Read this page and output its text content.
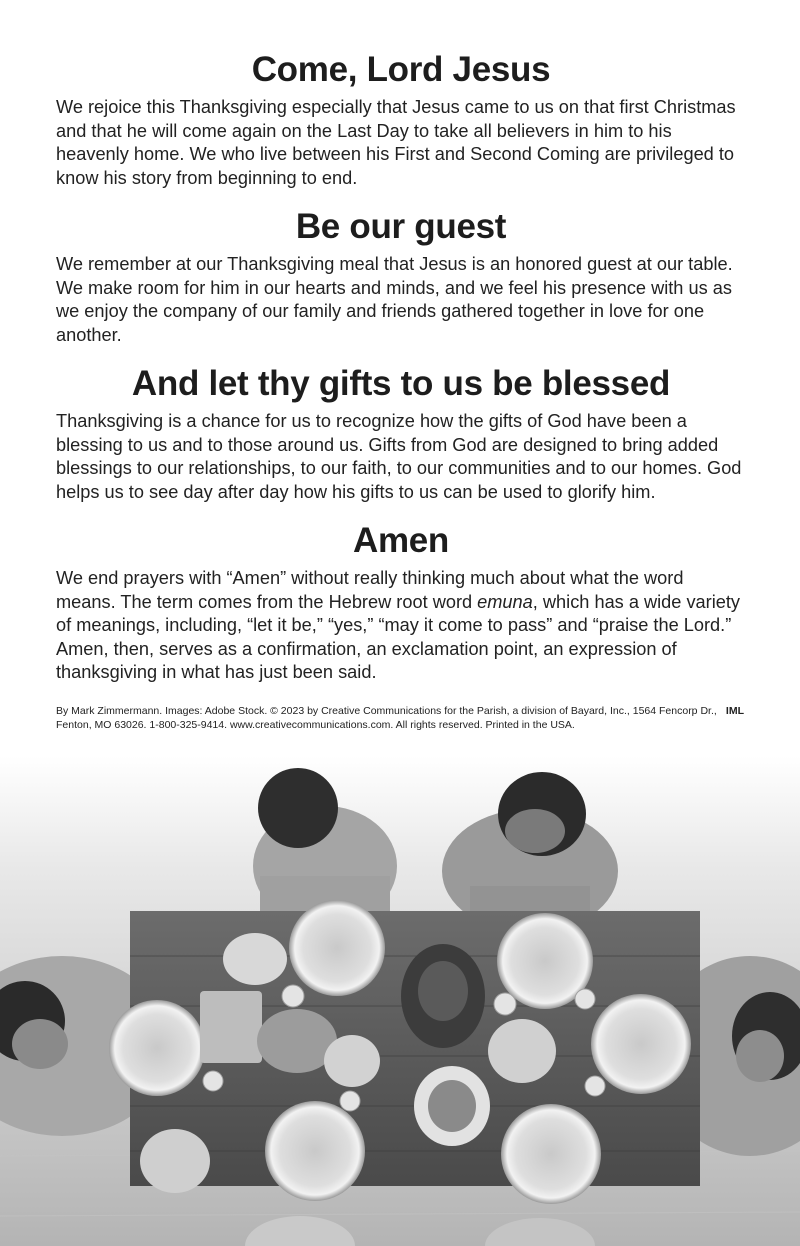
Come, Lord Jesus

We rejoice this Thanksgiving especially that Jesus came to us on that first Christmas and that he will come again on the Last Day to take all believers in him to his heavenly home. We who live between his First and Second Coming are privileged to know his story from beginning to end.

Be our guest

We remember at our Thanksgiving meal that Jesus is an honored guest at our table. We make room for him in our hearts and minds, and we feel his presence with us as we enjoy the company of our family and friends gathered together in love for one another.

And let thy gifts to us be blessed

Thanksgiving is a chance for us to recognize how the gifts of God have been a blessing to us and to those around us. Gifts from God are designed to bring added blessings to our relationships, to our faith, to our communities and to our homes. God helps us to see day after day how his gifts to us can be used to glorify him.

Amen

We end prayers with “Amen” without really thinking much about what the word means. The term comes from the Hebrew root word emuna, which has a wide variety of meanings, including, “let it be,” “yes,” “may it come to pass” and “praise the Lord.” Amen, then, serves as a confirmation, an exclamation point, an expression of thanksgiving in what has just been said.

IML
By Mark Zimmermann. Images: Adobe Stock. © 2023 by Creative Communications for the Parish, a division of Bayard, Inc., 1564 Fencorp Dr., Fenton, MO 63026. 1-800-325-9414. www.creativecommunications.com. All rights reserved. Printed in the USA.
